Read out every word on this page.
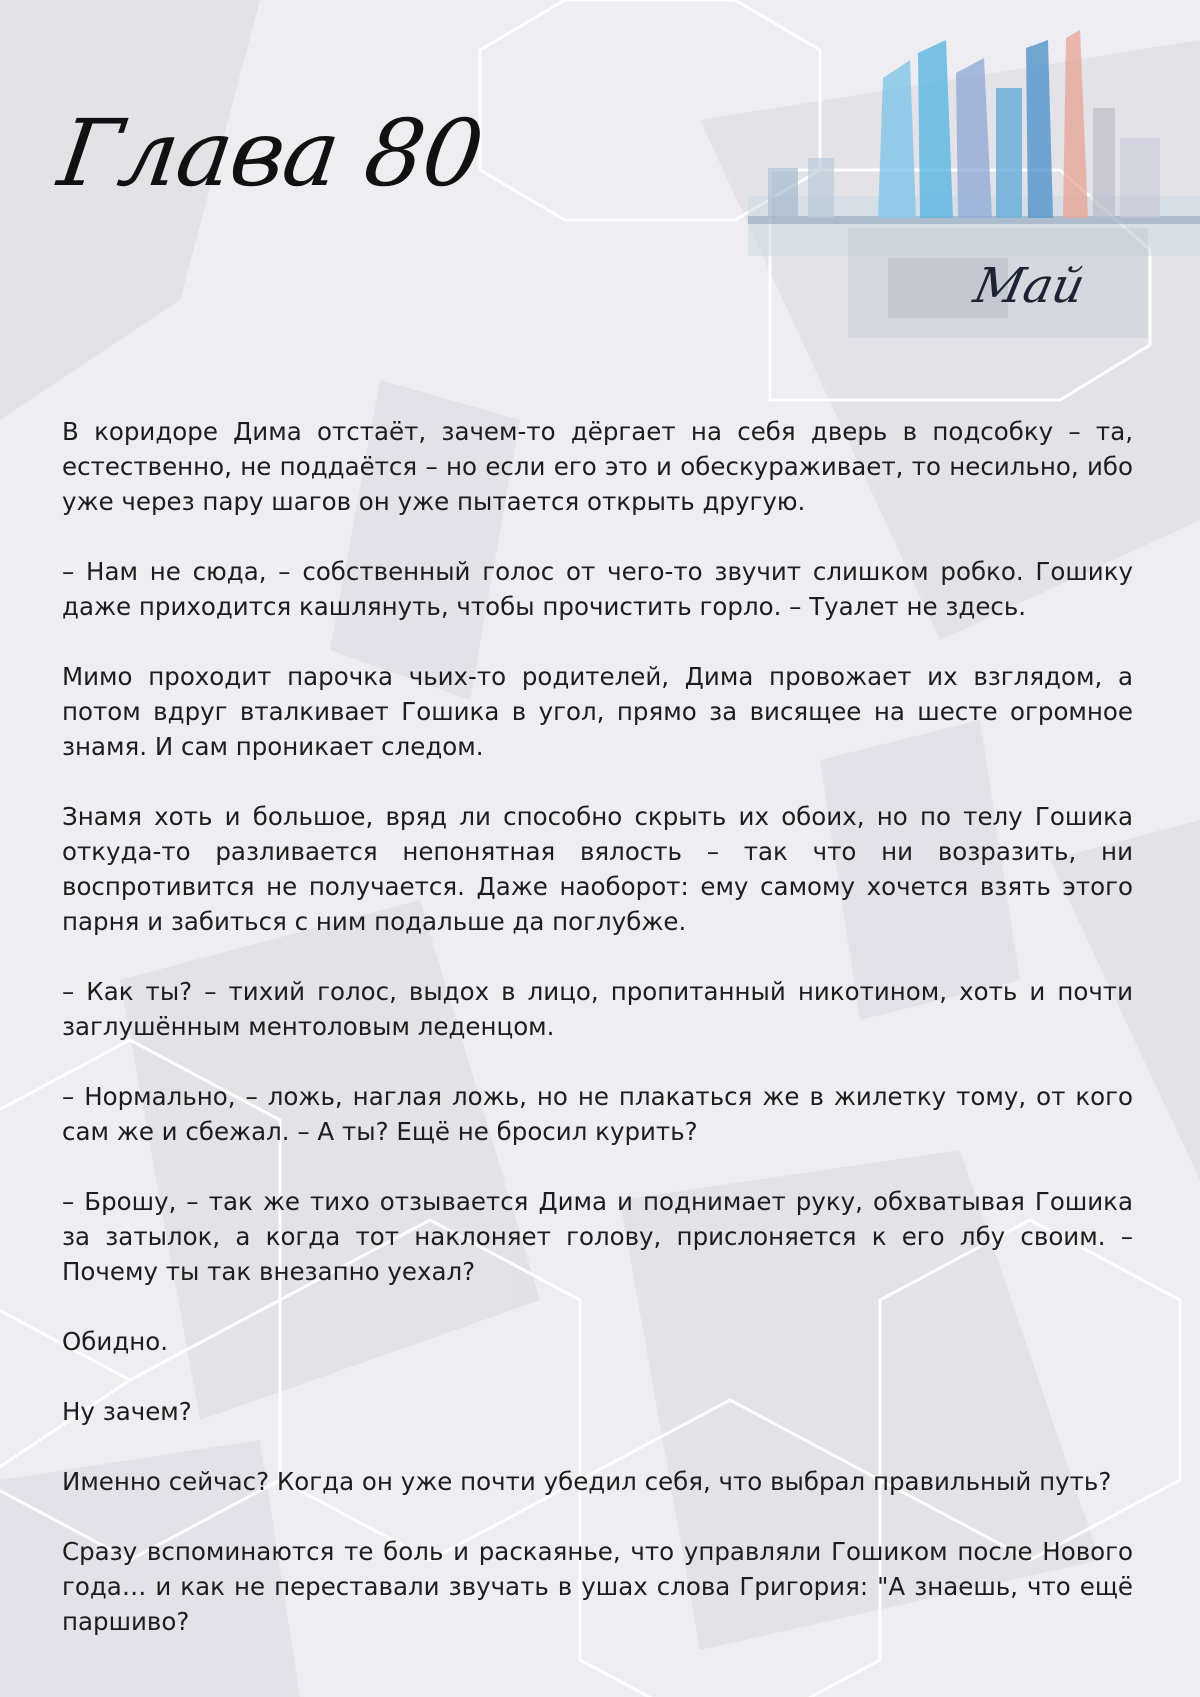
Глава 80
Май

В коридоре Дима отстаёт, зачем-то дёргает на себя дверь в подсобку – та, естественно, не поддаётся – но если его это и обескураживает, то несильно, ибо уже через пару шагов он уже пытается открыть другую.

– Нам не сюда, – собственный голос от чего-то звучит слишком робко. Гошику даже приходится кашлянуть, чтобы прочистить горло. – Туалет не здесь.

Мимо проходит парочка чьих-то родителей, Дима провожает их взглядом, а потом вдруг вталкивает Гошика в угол, прямо за висящее на шесте огромное знамя. И сам проникает следом.

Знамя хоть и большое, вряд ли способно скрыть их обоих, но по телу Гошика откуда-то разливается непонятная вялость – так что ни возразить, ни воспротивится не получается. Даже наоборот: ему самому хочется взять этого парня и забиться с ним подальше да поглубже.

– Как ты? – тихий голос, выдох в лицо, пропитанный никотином, хоть и почти заглушённым ментоловым леденцом.

– Нормально, – ложь, наглая ложь, но не плакаться же в жилетку тому, от кого сам же и сбежал. – А ты? Ещё не бросил курить?

– Брошу, – так же тихо отзывается Дима и поднимает руку, обхватывая Гошика за затылок, а когда тот наклоняет голову, прислоняется к его лбу своим. – Почему ты так внезапно уехал?

Обидно.

Ну зачем?

Именно сейчас? Когда он уже почти убедил себя, что выбрал правильный путь?

Сразу вспоминаются те боль и раскаянье, что управляли Гошиком после Нового года… и как не переставали звучать в ушах слова Григория: "А знаешь, что ещё паршиво?
